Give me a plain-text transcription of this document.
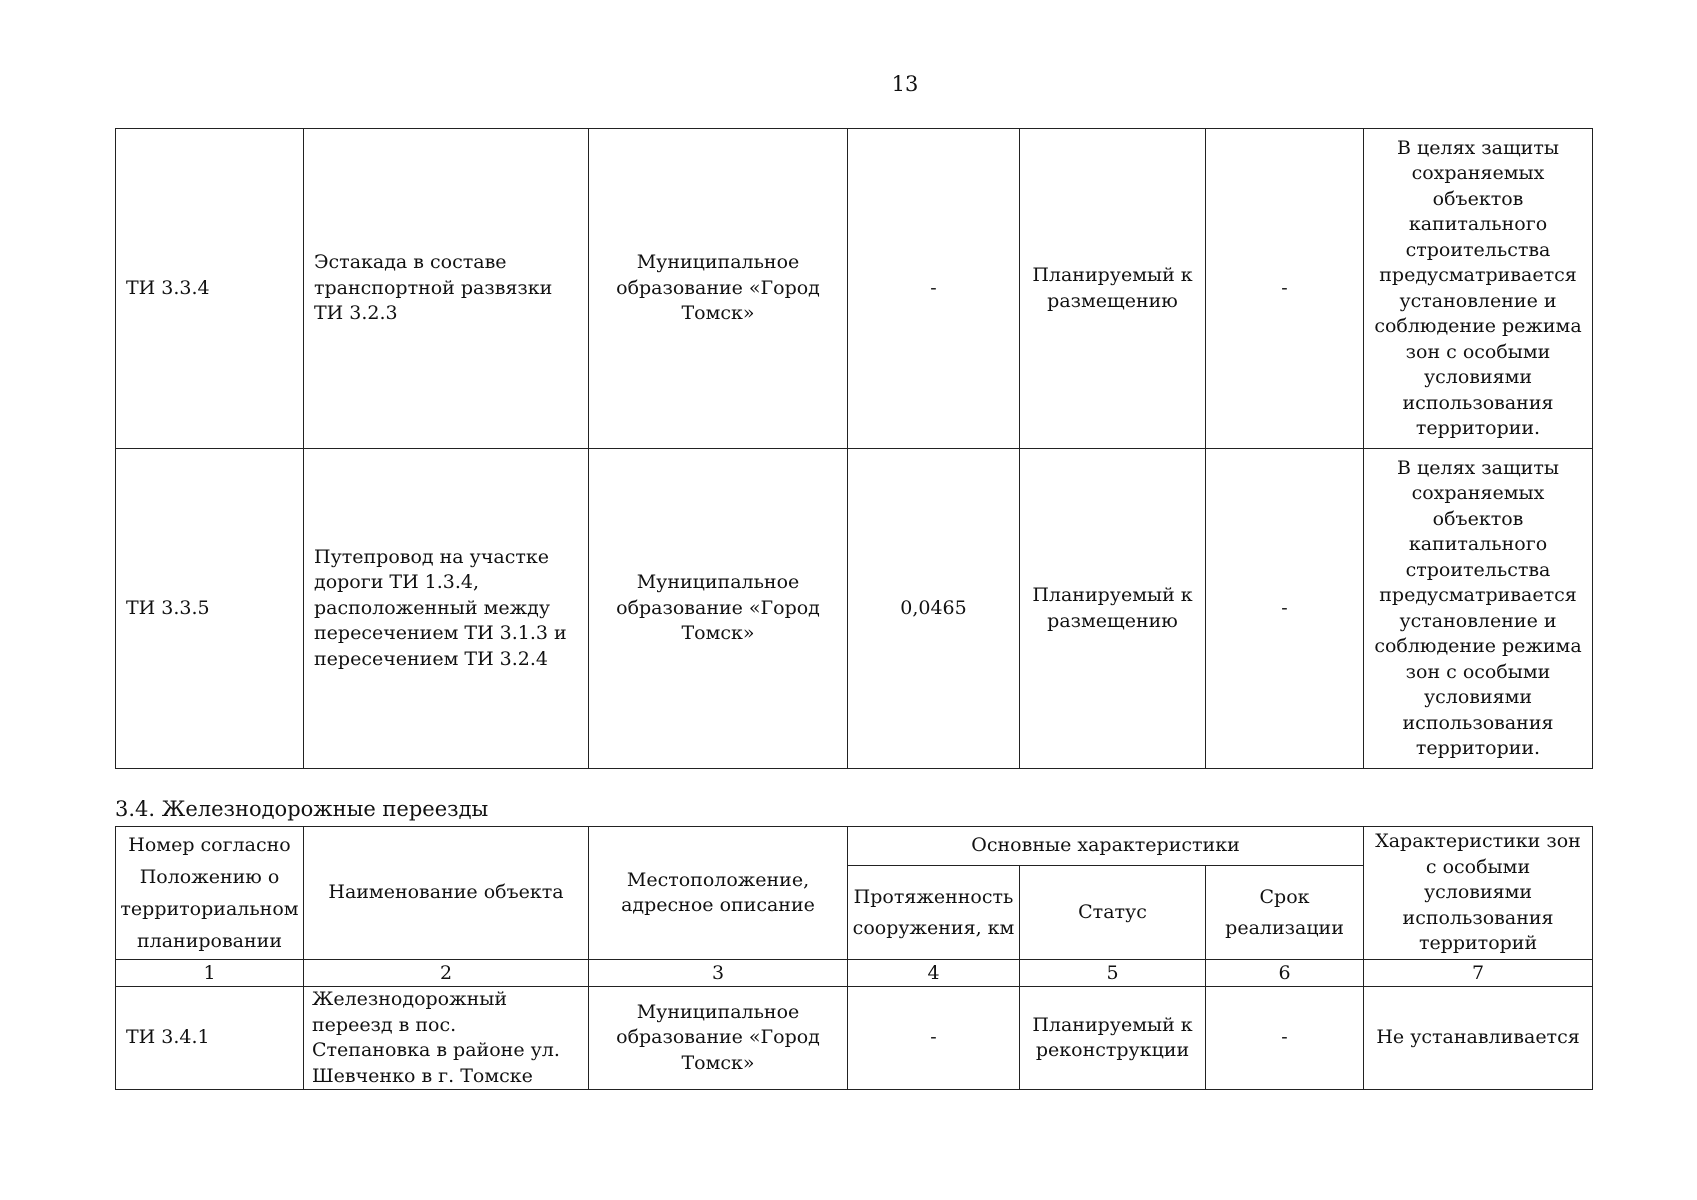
13
ТИ 3.3.4	Эстакада в составе транспортной развязки ТИ 3.2.3	Муниципальное образование «Город Томск»	-	Планируемый к размещению	-	В целях защиты сохраняемых объектов капитального строительства предусматривается установление и соблюдение режима зон с особыми условиями использования территории.
ТИ 3.3.5	Путепровод на участке дороги ТИ 1.3.4, расположенный между пересечением ТИ 3.1.3 и пересечением ТИ 3.2.4	Муниципальное образование «Город Томск»	0,0465	Планируемый к размещению	-	В целях защиты сохраняемых объектов капитального строительства предусматривается установление и соблюдение режима зон с особыми условиями использования территории.
3.4. Железнодорожные переезды
Номер согласно Положению о территориальном планировании	Наименование объекта	Местоположение, адресное описание	Основные характеристики			Характеристики зон с особыми условиями использования территорий
			Протяженность сооружения, км	Статус	Срок реализации	
1	2	3	4	5	6	7
ТИ 3.4.1	Железнодорожный переезд в пос. Степановка в районе ул. Шевченко в г. Томске	Муниципальное образование «Город Томск»	-	Планируемый к реконструкции	-	Не устанавливается
